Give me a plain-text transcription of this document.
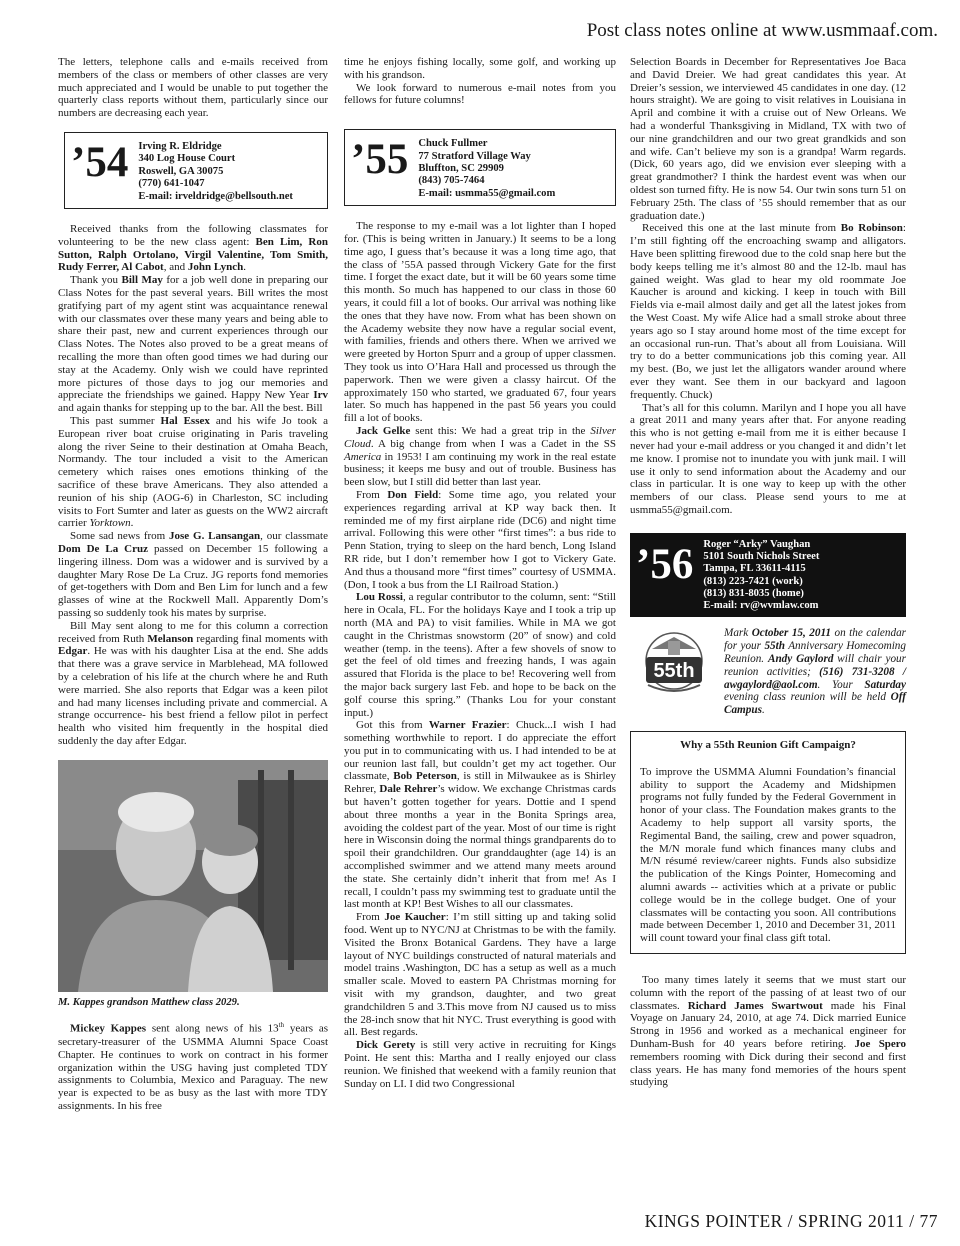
Post class notes online at www.usmmaaf.com.

The letters, telephone calls and e-mails received from members of the class or members of other classes are very much appreciated and I would be unable to put together the quarterly class reports without them, particularly since our numbers are decreasing each year.

’54 Irving R. Eldridge
340 Log House Court
Roswell, GA 30075
(770) 641-1047
E-mail: irveldridge@bellsouth.net

Received thanks from the following classmates for volunteering to be the new class agent: Ben Lim, Ron Sutton, Ralph Ortolano, Virgil Valentine, Tom Smith, Rudy Ferrer, Al Cabot, and John Lynch.

Thank you Bill May for a job well done in preparing our Class Notes for the past several years. Bill writes the most gratifying part of my agent stint was acquaintance renewal with our classmates over these many years and being able to share their past, new and current experiences through our Class Notes. The Notes also proved to be a great means of recalling the more than often good times we had during our stay at the Academy. Only wish we could have reprinted more pictures of those days to jog our memories and appreciate the friendships we gained. Happy New Year Irv and again thanks for stepping up to the bar. All the best. Bill

This past summer Hal Essex and his wife Jo took a European river boat cruise originating in Paris traveling along the river Seine to their destination at Omaha Beach, Normandy. The tour included a visit to the American cemetery which raises ones emotions thinking of the sacrifice of these brave Americans. They also attended a reunion of his ship (AOG-6) in Charleston, SC including visits to Fort Sumter and later as guests on the WW2 aircraft carrier Yorktown.

Some sad news from Jose G. Lansangan, our classmate Dom De La Cruz passed on December 15 following a lingering illness. Dom was a widower and is survived by a daughter Mary Rose De La Cruz. JG reports fond memories of get-togethers with Dom and Ben Lim for lunch and a few glasses of wine at the Rockwell Mall. Apparently Dom’s passing so suddenly took his mates by surprise.

Bill May sent along to me for this column a correction received from Ruth Melanson regarding final moments with Edgar. He was with his daughter Lisa at the end. She adds that there was a grave service in Marblehead, MA followed by a celebration of his life at the church where he and Ruth were married. She also reports that Edgar was a keen pilot and had many licenses including private and commercial. A strange occurrence- his best friend a fellow pilot in perfect health who visited him frequently in the hospital died suddenly the day after Edgar.

M. Kappes grandson Matthew class 2029.

Mickey Kappes sent along news of his 13th years as secretary-treasurer of the USMMA Alumni Space Coast Chapter. He continues to work on contract in his former organization within the USG having just completed TDY assignments to Columbia, Mexico and Paraguay. The new year is expected to be as busy as the last with more TDY assignments. In his free

time he enjoys fishing locally, some golf, and working up with his grandson.

We look forward to numerous e-mail notes from you fellows for future columns!

’55 Chuck Fullmer
77 Stratford Village Way
Bluffton, SC 29909
(843) 705-7464
E-mail: usmma55@gmail.com

The response to my e-mail was a lot lighter than I hoped for. (This is being written in January.) It seems to be a long time ago, I guess that’s because it was a long time ago, that the class of ’55A passed through Vickery Gate for the first time. I forget the exact date, but it will be 60 years some time this month. So much has happened to our class in those 60 years, it could fill a lot of books. Our arrival was nothing like the ones that they have now. From what has been shown on the Academy website they now have a regular social event, with families, friends and others there. When we arrived we were greeted by Horton Spurr and a group of upper classmen. They took us into O’Hara Hall and processed us through the paperwork. Then we were given a classy haircut. Of the approximately 150 who started, we graduated 67, four years later. So much has happened in the past 56 years you could fill a lot of books.

Jack Gelke sent this: We had a great trip in the Silver Cloud. A big change from when I was a Cadet in the SS America in 1953! I am continuing my work in the real estate business; it keeps me busy and out of trouble. Business has been slow, but I still did better than last year.

From Don Field: Some time ago, you related your experiences regarding arrival at KP way back then. It reminded me of my first airplane ride (DC6) and night time arrival. Following this were other “first times”: a bus ride to Penn Station, trying to sleep on the hard bench, Long Island RR ride, but I don’t remember how I got to Vickery Gate. And thus a thousand more “first times” courtesy of USMMA. (Don, I took a bus from the LI Railroad Station.)

Lou Rossi, a regular contributor to the column, sent: “Still here in Ocala, FL. For the holidays Kaye and I took a trip up north (MA and PA) to visit families. While in MA we got caught in the Christmas snowstorm (20” of snow) and cold weather (temp. in the teens). After a few shovels of snow to get the feel of old times and freezing hands, I was again assured that Florida is the place to be! Recovering well from the major back surgery last Feb. and hope to be back on the golf course this spring.” (Thanks Lou for your constant input.)

Got this from Warner Frazier: Chuck...I wish I had something worthwhile to report. I do appreciate the effort you put in to communicating with us. I had intended to be at our reunion last fall, but couldn’t get my act together. Our classmate, Bob Peterson, is still in Milwaukee as is Shirley Rehrer, Dale Rehrer’s widow. We exchange Christmas cards but haven’t gotten together for years. Dottie and I spend about three months a year in the Bonita Springs area, avoiding the coldest part of the year. Most of our time is right here in Wisconsin doing the normal things grandparents do to spoil their grandchildren. Our granddaughter (age 14) is an accomplished swimmer and we attend many meets around the state. She certainly didn’t inherit that from me! As I recall, I couldn’t pass my swimming test to graduate until the last month at KP! Best Wishes to all our classmates.

From Joe Kaucher: I’m still sitting up and taking solid food. Went up to NYC/NJ at Christmas to be with the family. Visited the Bronx Botanical Gardens. They have a large layout of NYC buildings constructed of natural materials and model trains .Washington, DC has a setup as well as a much smaller scale. Moved to eastern PA Christmas morning for visit with my grandson, daughter, and two great grandchildren 5 and 3.This move from NJ caused us to miss the 28-inch snow that hit NYC. Trust everything is good with all. Best regards.

Dick Gerety is still very active in recruiting for Kings Point. He sent this: Martha and I really enjoyed our class reunion. We finished that weekend with a family reunion that Sunday on LI. I did two Congressional

Selection Boards in December for Representatives Joe Baca and David Dreier. We had great candidates this year. At Dreier’s session, we interviewed 45 candidates in one day. (12 hours straight). We are going to visit relatives in Louisiana in April and combine it with a cruise out of New Orleans. We had a wonderful Thanksgiving in Midland, TX with two of our nine grandchildren and our two great grandkids and son and wife. Can’t believe my son is a grandpa! Warm regards. (Dick, 60 years ago, did we envision ever sleeping with a great grandmother? I think the hardest event was when our oldest son turned fifty. He is now 54. Our twin sons turn 51 on February 25th. The class of ’55 should remember that as our graduation date.)

Received this one at the last minute from Bo Robinson: I’m still fighting off the encroaching swamp and alligators. Have been splitting firewood due to the cold snap here but the body keeps telling me it’s almost 80 and the 12-lb. maul has gained weight. Was glad to hear my old roommate Joe Kaucher is around and kicking. I keep in touch with Bill Fields via e-mail almost daily and get all the latest jokes from the West Coast. My wife Alice had a small stroke about three years ago so I stay around home most of the time except for an occasional run-run. That’s about all from Louisiana. Will try to do a better communications job this coming year. All my best. (Bo, we just let the alligators wander around where ever they want. See them in our backyard and lagoon frequently. Chuck)

That’s all for this column. Marilyn and I hope you all have a great 2011 and many years after that. For anyone reading this who is not getting e-mail from me it is either because I never had your e-mail address or you changed it and didn’t let me know. I promise not to inundate you with junk mail. I will use it only to send information about the Academy and our class in particular. It is one way to keep up with the other members of our class. Please send yours to me at usmma55@gmail.com.

’56 Roger “Arky” Vaughan
5101 South Nichols Street
Tampa, FL 33611-4115
(813) 223-7421 (work)
(813) 831-8035 (home)
E-mail: rv@wvmlaw.com
55th
Mark October 15, 2011 on the calendar for your 55th Anniversary Homecoming Reunion. Andy Gaylord will chair your reunion activities; (516) 731-3208 / awgaylord@aol.com. Your Saturday evening class reunion will be held Off Campus.
Why a 55th Reunion Gift Campaign?

To improve the USMMA Alumni Foundation’s financial ability to support the Academy and Midshipmen programs not fully funded by the Federal Government in honor of your class. The Foundation makes grants to the Academy to help support all varsity sports, the Regimental Band, the sailing, crew and power squadron, the M/N morale fund which finances many clubs and M/N résumé review/career nights. Funds also subsidize the publication of the Kings Pointer, Homecoming and alumni awards -- activities which at a private or public college would be in the college budget. One of your classmates will be contacting you soon. All contributions made between December 1, 2010 and December 31, 2011 will count toward your final class gift total.

Too many times lately it seems that we must start our column with the report of the passing of at least two of our classmates. Richard James Swartwout made his Final Voyage on January 24, 2010, at age 74. Dick married Eunice Strong in 1956 and worked as a mechanical engineer for Dunham-Bush for 40 years before retiring. Joe Spero remembers rooming with Dick during their second and first class years. He has many fond memories of the hours spent studying

KINGS POINTER / SPRING 2011 / 77
